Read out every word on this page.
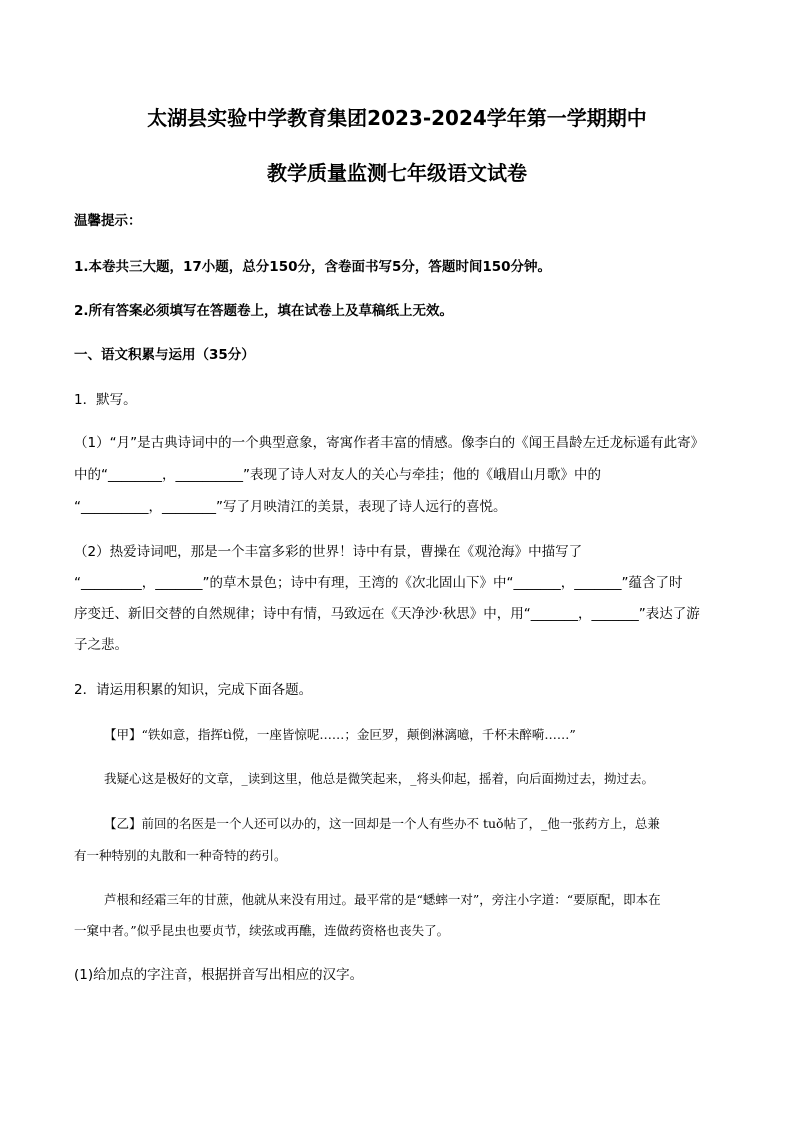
太湖县实验中学教育集团2023-2024学年第一学期期中
教学质量监测七年级语文试卷
温馨提示：
1.本卷共三大题，17小题，总分150分，含卷面书写5分，答题时间150分钟。
2.所有答案必须填写在答题卷上，填在试卷上及草稿纸上无效。
一、语文积累与运用（35分）
1．默写。
（1）“月”是古典诗词中的一个典型意象，寄寓作者丰富的情感。像李白的《闻王昌龄左迁龙标遥有此寄》
中的“________，__________”表现了诗人对友人的关心与牵挂；他的《峨眉山月歌》中的
“__________，________”写了月映清江的美景，表现了诗人远行的喜悦。
（2）热爱诗词吧，那是一个丰富多彩的世界！诗中有景，曹操在《观沧海》中描写了
“_________，_______”的草木景色；诗中有理，王湾的《次北固山下》中“_______，_______”蕴含了时
序变迁、新旧交替的自然规律；诗中有情，马致远在《天净沙·秋思》中，用“_______，_______”表达了游
子之悲。
2．请运用积累的知识，完成下面各题。
【甲】“铁如意，指挥tì傥，一座皆惊呢……；金叵罗，颠倒淋漓噫，千杯未醉嗬……”
我疑心这是极好的文章，_读到这里，他总是微笑起来，_将头仰起，摇着，向后面拗过去，拗过去。
【乙】前回的名医是一个人还可以办的，这一回却是一个人有些办不 tuǒ帖了，_他一张药方上，总兼
有一种特别的丸散和一种奇特的药引。
芦根和经霜三年的甘蔗，他就从来没有用过。最平常的是“蟋蟀一对”，旁注小字道：“要原配，即本在
一窠中者。”似乎昆虫也要贞节，续弦或再醮，连做药资格也丧失了。
(1)给加点的字注音，根据拼音写出相应的汉字。
